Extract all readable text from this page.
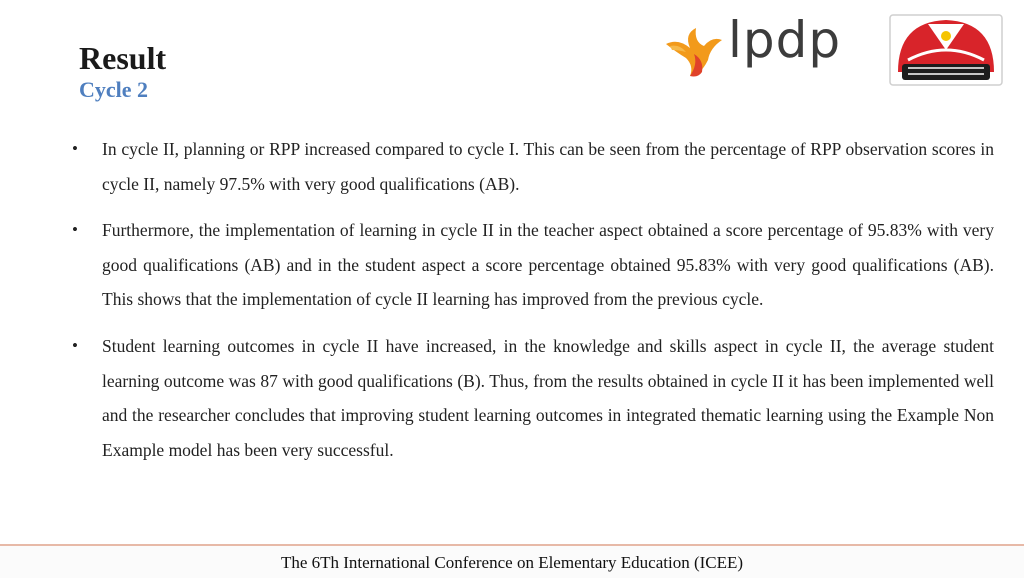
Result
Cycle 2
lpdp
•	In cycle II, planning or RPP increased compared to cycle I. This can be seen from the percentage of RPP observation scores in cycle II, namely 97.5% with very good qualifications (AB).
•	Furthermore, the implementation of learning in cycle II in the teacher aspect obtained a score percentage of 95.83% with very good qualifications (AB) and in the student aspect a score percentage obtained 95.83% with very good qualifications (AB). This shows that the implementation of cycle II learning has improved from the previous cycle.
•	Student learning outcomes in cycle II have increased, in the knowledge and skills aspect in cycle II, the average student learning outcome was 87 with good qualifications (B). Thus, from the results obtained in cycle II it has been implemented well and the researcher concludes that improving student learning outcomes in integrated thematic learning using the Example Non Example model has been very successful.
The 6Th International Conference on Elementary Education (ICEE)
